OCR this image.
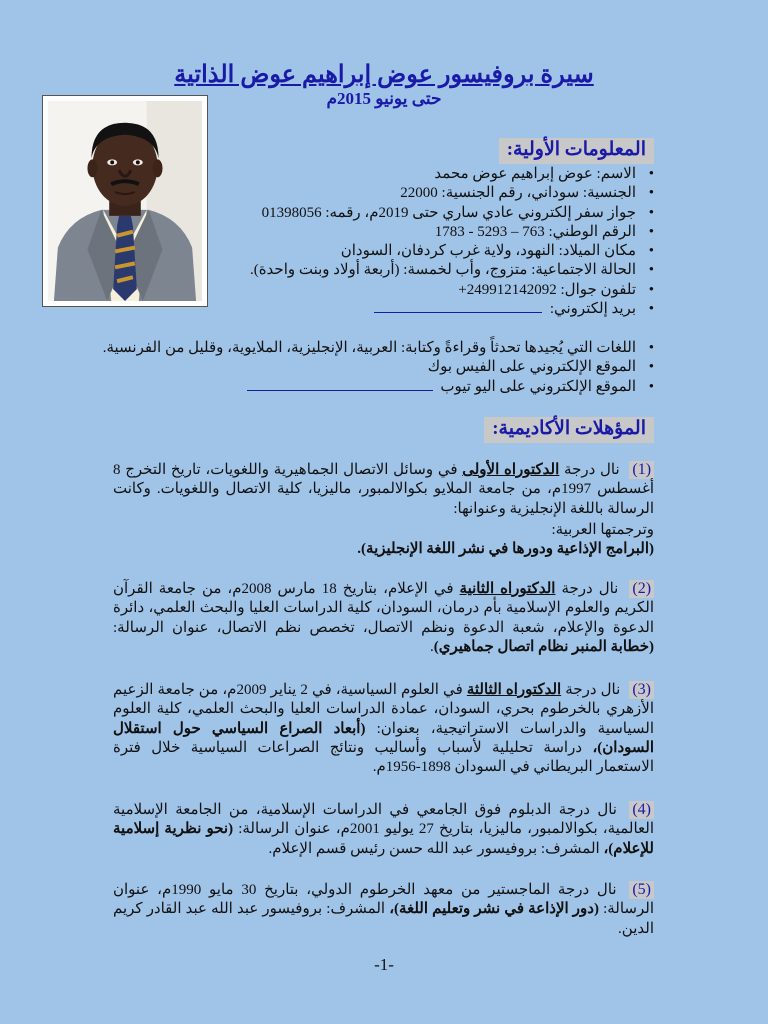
سيرة بروفيسور عوض إبراهيم عوض الذاتية
حتى يونيو 2015م
المعلومات الأولية:
• الاسم: عوض إبراهيم عوض محمد
• الجنسية: سوداني، رقم الجنسية: 22000
• جواز سفر إلكتروني عادي ساري حتى 2019م، رقمه: 01398056
• الرقم الوطني: 763 – 5293 - 1783
• مكان الميلاد: النهود، ولاية غرب كردفان، السودان
• الحالة الاجتماعية: متزوج، وأب لخمسة: (أربعة أولاد وبنت واحدة).
• تلفون جوال: 249912142092+
• بريد إلكتروني:
• اللغات التي يُجيدها تحدثاً وقراءةً وكتابة: العربية، الإنجليزية، الملايوية، وقليل من الفرنسية.
• الموقع الإلكتروني على الفيس بوك
• الموقع الإلكتروني على اليو تيوب
المؤهلات الأكاديمية:

(1) نال درجة الدكتوراه الأولى في وسائل الاتصال الجماهيرية واللغويات، تاريخ التخرج 8 أغسطس 1997م، من جامعة الملايو بكوالالمبور، ماليزيا، كلية الاتصال واللغويات. وكانت الرسالة باللغة الإنجليزية وعنوانها:

وترجمتها العربية:

(البرامج الإذاعية ودورها في نشر اللغة الإنجليزية).

(2) نال درجة الدكتوراه الثانية في الإعلام، بتاريخ 18 مارس 2008م، من جامعة القرآن الكريم والعلوم الإسلامية بأم درمان، السودان، كلية الدراسات العليا والبحث العلمي، دائرة الدعوة والإعلام، شعبة الدعوة ونظم الاتصال، تخصص نظم الاتصال، عنوان الرسالة: (خطابة المنبر نظام اتصال جماهيري).

(3) نال درجة الدكتوراه الثالثة في العلوم السياسية، في 2 يناير 2009م، من جامعة الزعيم الأزهري بالخرطوم بحري، السودان، عمادة الدراسات العليا والبحث العلمي، كلية العلوم السياسية والدراسات الاستراتيجية، بعنوان: (أبعاد الصراع السياسي حول استقلال السودان)، دراسة تحليلية لأسباب وأساليب ونتائج الصراعات السياسية خلال فترة الاستعمار البريطاني في السودان 1898-1956م.

(4) نال درجة الدبلوم فوق الجامعي في الدراسات الإسلامية، من الجامعة الإسلامية العالمية، بكوالالمبور، ماليزيا، بتاريخ 27 يوليو 2001م، عنوان الرسالة: (نحو نظرية إسلامية للإعلام)، المشرف: بروفيسور عبد الله حسن رئيس قسم الإعلام.

(5) نال درجة الماجستير من معهد الخرطوم الدولي، بتاريخ 30 مايو 1990م، عنوان الرسالة: (دور الإذاعة في نشر وتعليم اللغة)، المشرف: بروفيسور عبد الله عبد القادر كريم الدين.

-1-
